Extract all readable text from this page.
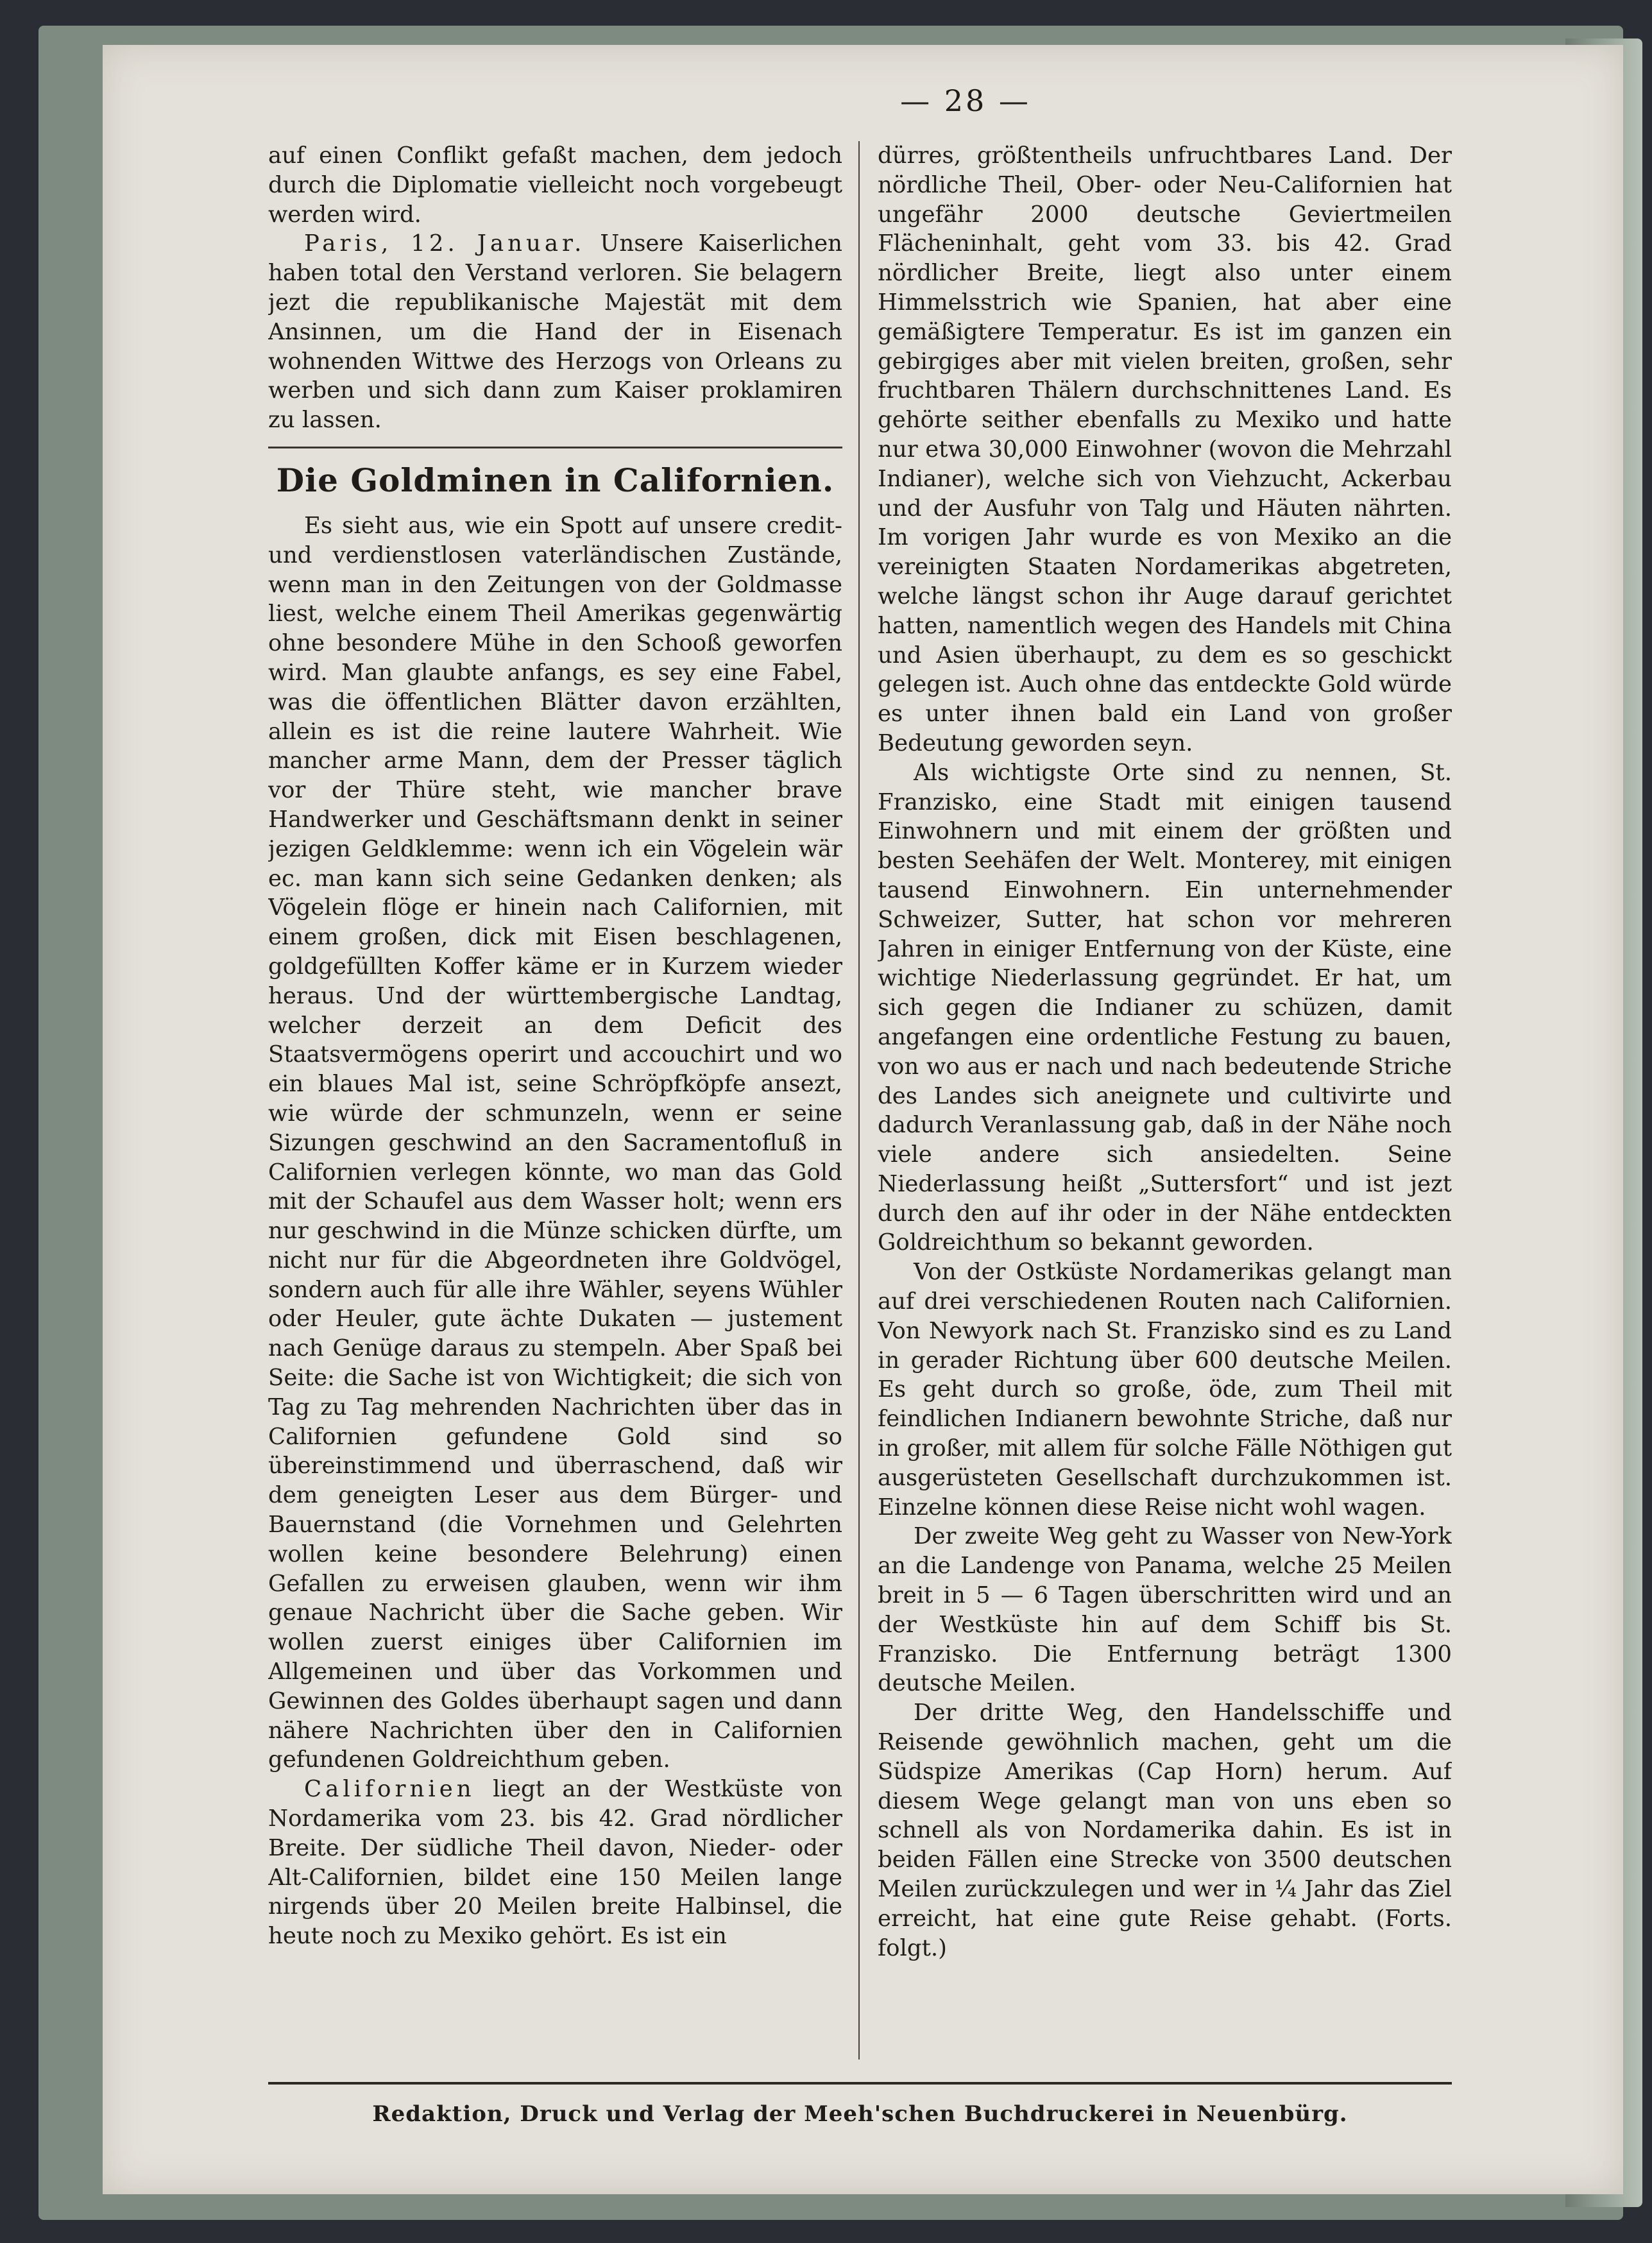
— 28 —

auf einen Conflikt gefaßt machen, dem jedoch durch die Diplomatie vielleicht noch vorgebeugt werden wird.

Paris, 12. Januar. Unsere Kaiserlichen haben total den Verstand verloren. Sie belagern jezt die republikanische Majestät mit dem Ansinnen, um die Hand der in Eisenach wohnenden Wittwe des Herzogs von Orleans zu werben und sich dann zum Kaiser proklamiren zu lassen.

Die Goldminen in Californien.

Es sieht aus, wie ein Spott auf unsere credit- und verdienstlosen vaterländischen Zustände, wenn man in den Zeitungen von der Goldmasse liest, welche einem Theil Amerikas gegenwärtig ohne besondere Mühe in den Schooß geworfen wird. Man glaubte anfangs, es sey eine Fabel, was die öffentlichen Blätter davon erzählten, allein es ist die reine lautere Wahrheit. Wie mancher arme Mann, dem der Presser täglich vor der Thüre steht, wie mancher brave Handwerker und Geschäftsmann denkt in seiner jezigen Geldklemme: wenn ich ein Vögelein wär ec. man kann sich seine Gedanken denken; als Vögelein flöge er hinein nach Californien, mit einem großen, dick mit Eisen beschlagenen, goldgefüllten Koffer käme er in Kurzem wieder heraus. Und der württembergische Landtag, welcher derzeit an dem Deficit des Staatsvermögens operirt und accouchirt und wo ein blaues Mal ist, seine Schröpfköpfe ansezt, wie würde der schmunzeln, wenn er seine Sizungen geschwind an den Sacramentofluß in Californien verlegen könnte, wo man das Gold mit der Schaufel aus dem Wasser holt; wenn ers nur geschwind in die Münze schicken dürfte, um nicht nur für die Abgeordneten ihre Goldvögel, sondern auch für alle ihre Wähler, seyens Wühler oder Heuler, gute ächte Dukaten — justement nach Genüge daraus zu stempeln. Aber Spaß bei Seite: die Sache ist von Wichtigkeit; die sich von Tag zu Tag mehrenden Nachrichten über das in Californien gefundene Gold sind so übereinstimmend und überraschend, daß wir dem geneigten Leser aus dem Bürger- und Bauernstand (die Vornehmen und Gelehrten wollen keine besondere Belehrung) einen Gefallen zu erweisen glauben, wenn wir ihm genaue Nachricht über die Sache geben. Wir wollen zuerst einiges über Californien im Allgemeinen und über das Vorkommen und Gewinnen des Goldes überhaupt sagen und dann nähere Nachrichten über den in Californien gefundenen Goldreichthum geben.

Californien liegt an der Westküste von Nordamerika vom 23. bis 42. Grad nördlicher Breite. Der südliche Theil davon, Nieder- oder Alt-Californien, bildet eine 150 Meilen lange nirgends über 20 Meilen breite Halbinsel, die heute noch zu Mexiko gehört. Es ist ein

dürres, größtentheils unfruchtbares Land. Der nördliche Theil, Ober- oder Neu-Californien hat ungefähr 2000 deutsche Geviertmeilen Flächeninhalt, geht vom 33. bis 42. Grad nördlicher Breite, liegt also unter einem Himmelsstrich wie Spanien, hat aber eine gemäßigtere Temperatur. Es ist im ganzen ein gebirgiges aber mit vielen breiten, großen, sehr fruchtbaren Thälern durchschnittenes Land. Es gehörte seither ebenfalls zu Mexiko und hatte nur etwa 30,000 Einwohner (wovon die Mehrzahl Indianer), welche sich von Viehzucht, Ackerbau und der Ausfuhr von Talg und Häuten nährten. Im vorigen Jahr wurde es von Mexiko an die vereinigten Staaten Nordamerikas abgetreten, welche längst schon ihr Auge darauf gerichtet hatten, namentlich wegen des Handels mit China und Asien überhaupt, zu dem es so geschickt gelegen ist. Auch ohne das entdeckte Gold würde es unter ihnen bald ein Land von großer Bedeutung geworden seyn.

Als wichtigste Orte sind zu nennen, St. Franzisko, eine Stadt mit einigen tausend Einwohnern und mit einem der größten und besten Seehäfen der Welt. Monterey, mit einigen tausend Einwohnern. Ein unternehmender Schweizer, Sutter, hat schon vor mehreren Jahren in einiger Entfernung von der Küste, eine wichtige Niederlassung gegründet. Er hat, um sich gegen die Indianer zu schüzen, damit angefangen eine ordentliche Festung zu bauen, von wo aus er nach und nach bedeutende Striche des Landes sich aneignete und cultivirte und dadurch Veranlassung gab, daß in der Nähe noch viele andere sich ansiedelten. Seine Niederlassung heißt „Suttersfort“ und ist jezt durch den auf ihr oder in der Nähe entdeckten Goldreichthum so bekannt geworden.

Von der Ostküste Nordamerikas gelangt man auf drei verschiedenen Routen nach Californien. Von Newyork nach St. Franzisko sind es zu Land in gerader Richtung über 600 deutsche Meilen. Es geht durch so große, öde, zum Theil mit feindlichen Indianern bewohnte Striche, daß nur in großer, mit allem für solche Fälle Nöthigen gut ausgerüsteten Gesellschaft durchzukommen ist. Einzelne können diese Reise nicht wohl wagen.

Der zweite Weg geht zu Wasser von New-York an die Landenge von Panama, welche 25 Meilen breit in 5 — 6 Tagen überschritten wird und an der Westküste hin auf dem Schiff bis St. Franzisko. Die Entfernung beträgt 1300 deutsche Meilen.

Der dritte Weg, den Handelsschiffe und Reisende gewöhnlich machen, geht um die Südspize Amerikas (Cap Horn) herum. Auf diesem Wege gelangt man von uns eben so schnell als von Nordamerika dahin. Es ist in beiden Fällen eine Strecke von 3500 deutschen Meilen zurückzulegen und wer in ¼ Jahr das Ziel erreicht, hat eine gute Reise gehabt. (Forts. folgt.)

Redaktion, Druck und Verlag der Meeh'schen Buchdruckerei in Neuenbürg.
